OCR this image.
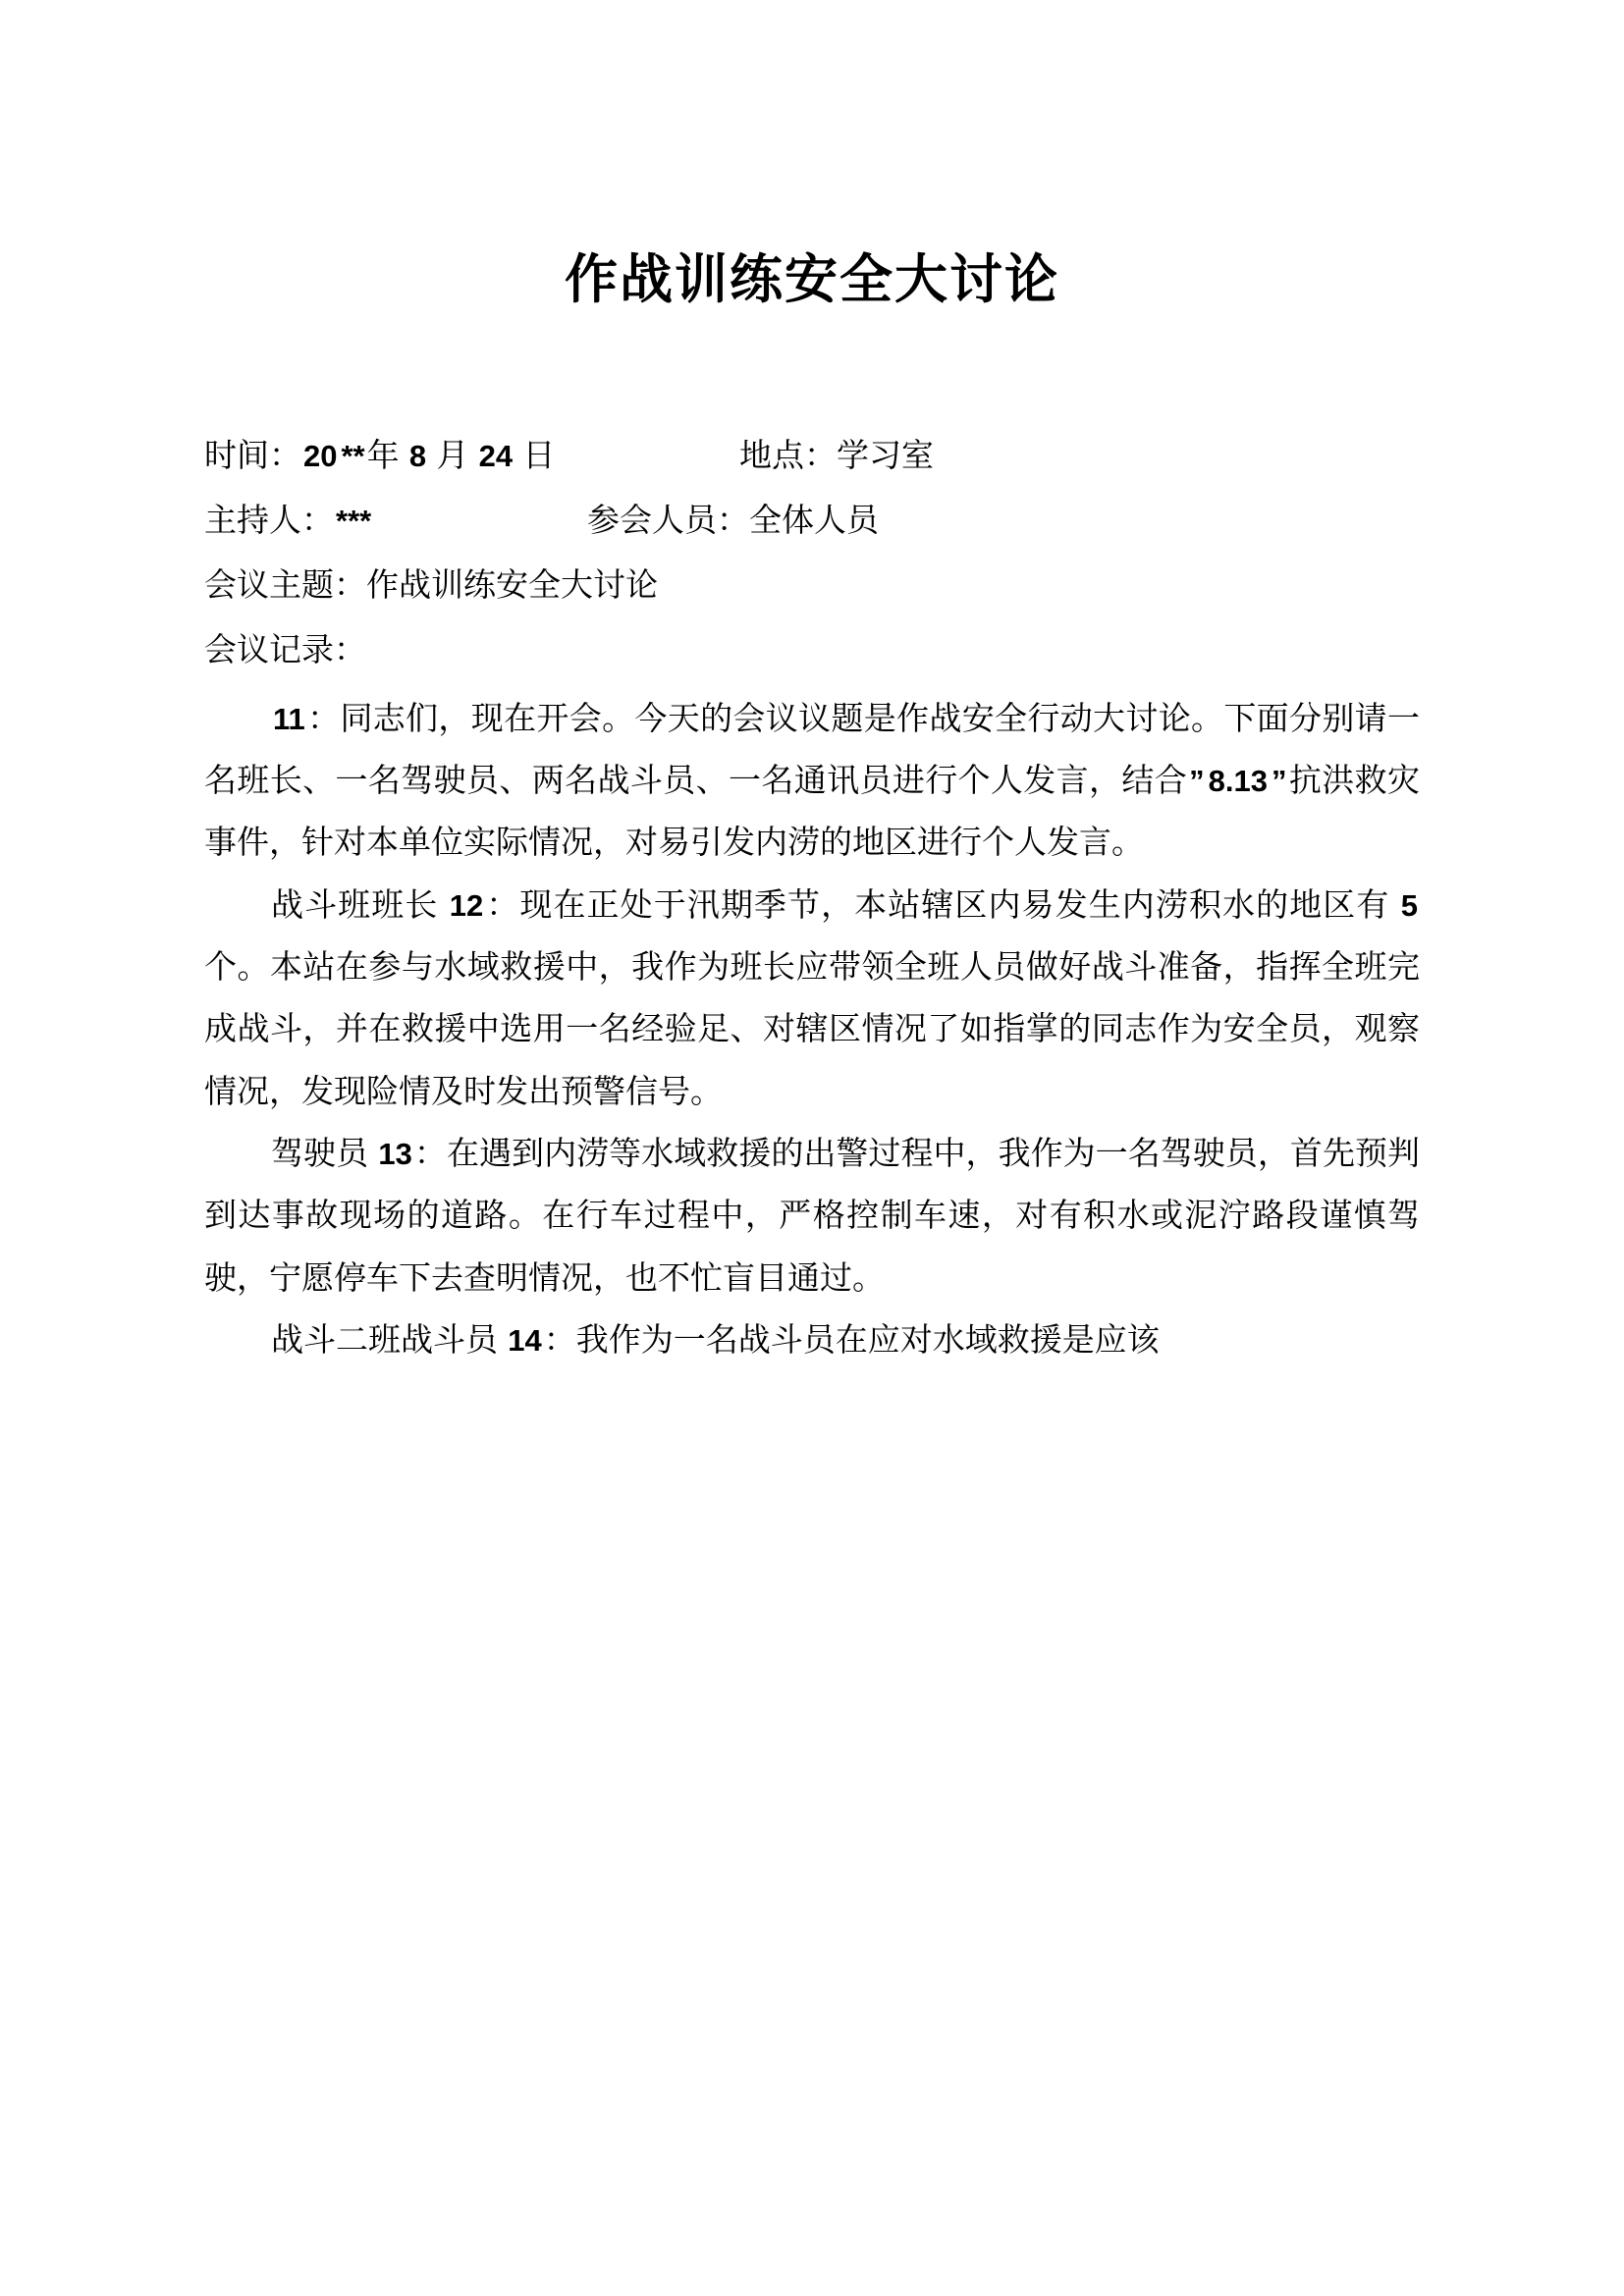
作战训练安全大讨论
时间：20 **年 8 月 24 日	地点：学习室
主持人：***	参会人员：全体人员
会议主题：作战训练安全大讨论
会议记录：

11：同志们，现在开会。今天的会议议题是作战安全行动大讨论。下面分别请一名班长、一名驾驶员、两名战斗员、一名通讯员进行个人发言，结合” 8.13 ”抗洪救灾事件，针对本单位实际情况，对易引发内涝的地区进行个人发言。

战斗班班长 12：现在正处于汛期季节，本站辖区内易发生内涝积水的地区有 5 个。本站在参与水域救援中，我作为班长应带领全班人员做好战斗准备，指挥全班完成战斗，并在救援中选用一名经验足、对辖区情况了如指掌的同志作为安全员，观察情况，发现险情及时发出预警信号。

驾驶员 13：在遇到内涝等水域救援的出警过程中，我作为一名驾驶员，首先预判到达事故现场的道路。在行车过程中，严格控制车速，对有积水或泥泞路段谨慎驾驶，宁愿停车下去查明情况，也不忙盲目通过。

战斗二班战斗员 14：我作为一名战斗员在应对水域救援是应该
